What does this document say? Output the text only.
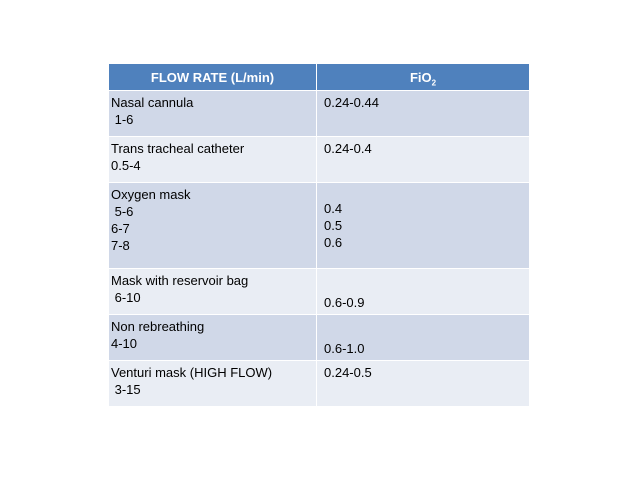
FLOW RATE (L/min)	FiO$_2$

Nasal cannula
1-6	0.24-0.44

Trans tracheal catheter
0.5-4	0.24-0.4

Oxygen mask
5-6
6-7
7-8	0.4
0.5
0.6

Mask with reservoir bag
6-10	0.6-0.9

Non rebreathing
4-10	0.6-1.0

Venturi mask (HIGH FLOW)
3-15	0.24-0.5
